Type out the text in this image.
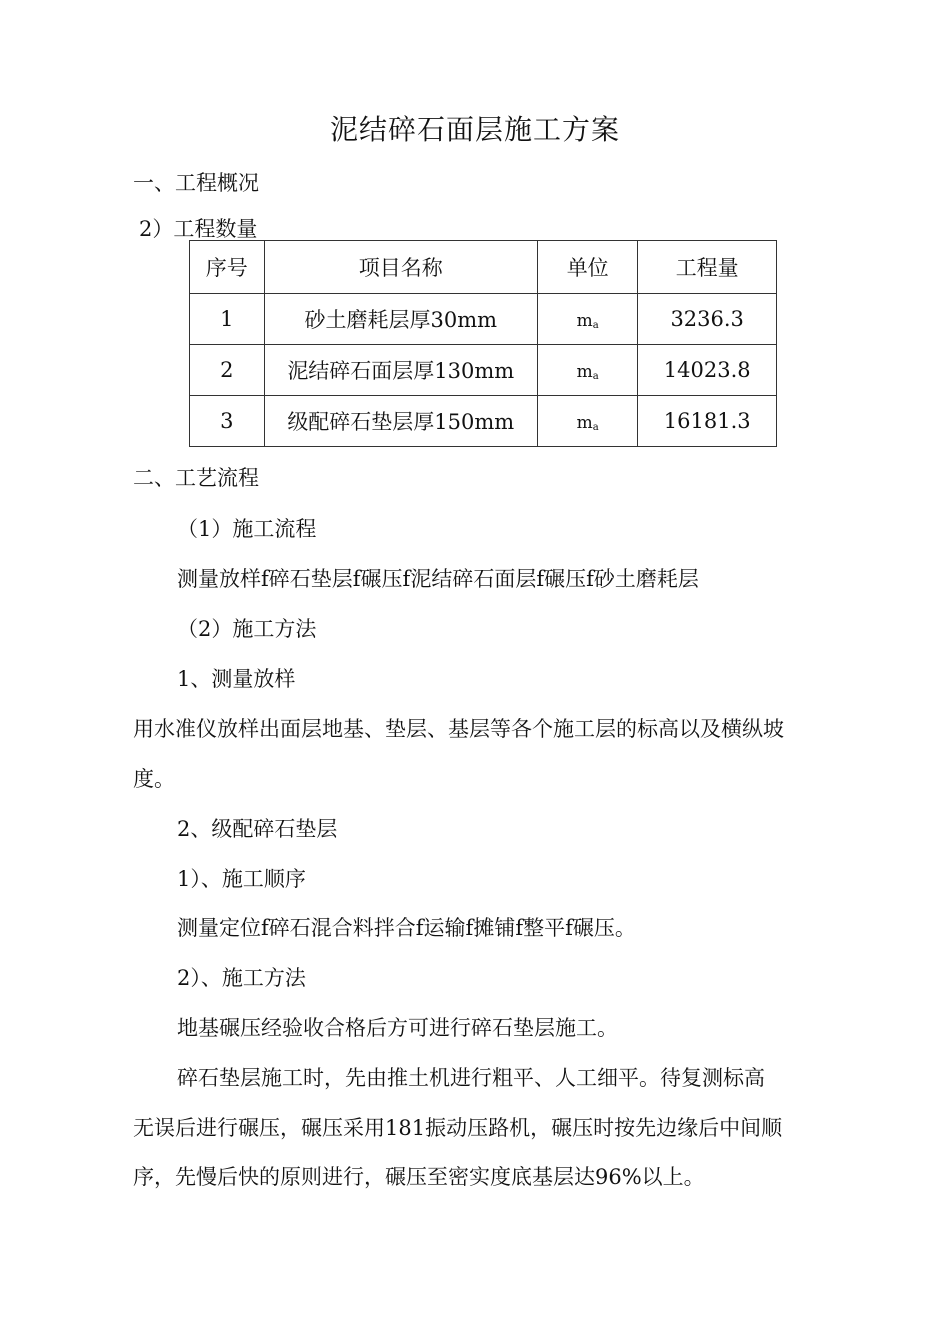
泥结碎石面层施工方案
一、工程概况
2）工程数量
序号	项目名称	单位	工程量
1	砂土磨耗层厚30mm	$m_a$	3236.3
2	泥结碎石面层厚130mm	$m_a$	14023.8
3	级配碎石垫层厚150mm	$m_a$	16181.3
二、工艺流程
（1）施工流程
测量放样f碎石垫层f碾压f泥结碎石面层f碾压f砂土磨耗层
（2）施工方法
1、测量放样
用水准仪放样出面层地基、垫层、基层等各个施工层的标高以及横纵坡
度。
2、级配碎石垫层
1）、施工顺序
测量定位f碎石混合料拌合f运输f摊铺f整平f碾压。
2）、施工方法
地基碾压经验收合格后方可进行碎石垫层施工。
碎石垫层施工时，先由推土机进行粗平、人工细平。待复测标高
无误后进行碾压，碾压采用181振动压路机，碾压时按先边缘后中间顺
序，先慢后快的原则进行，碾压至密实度底基层达96%以上。
